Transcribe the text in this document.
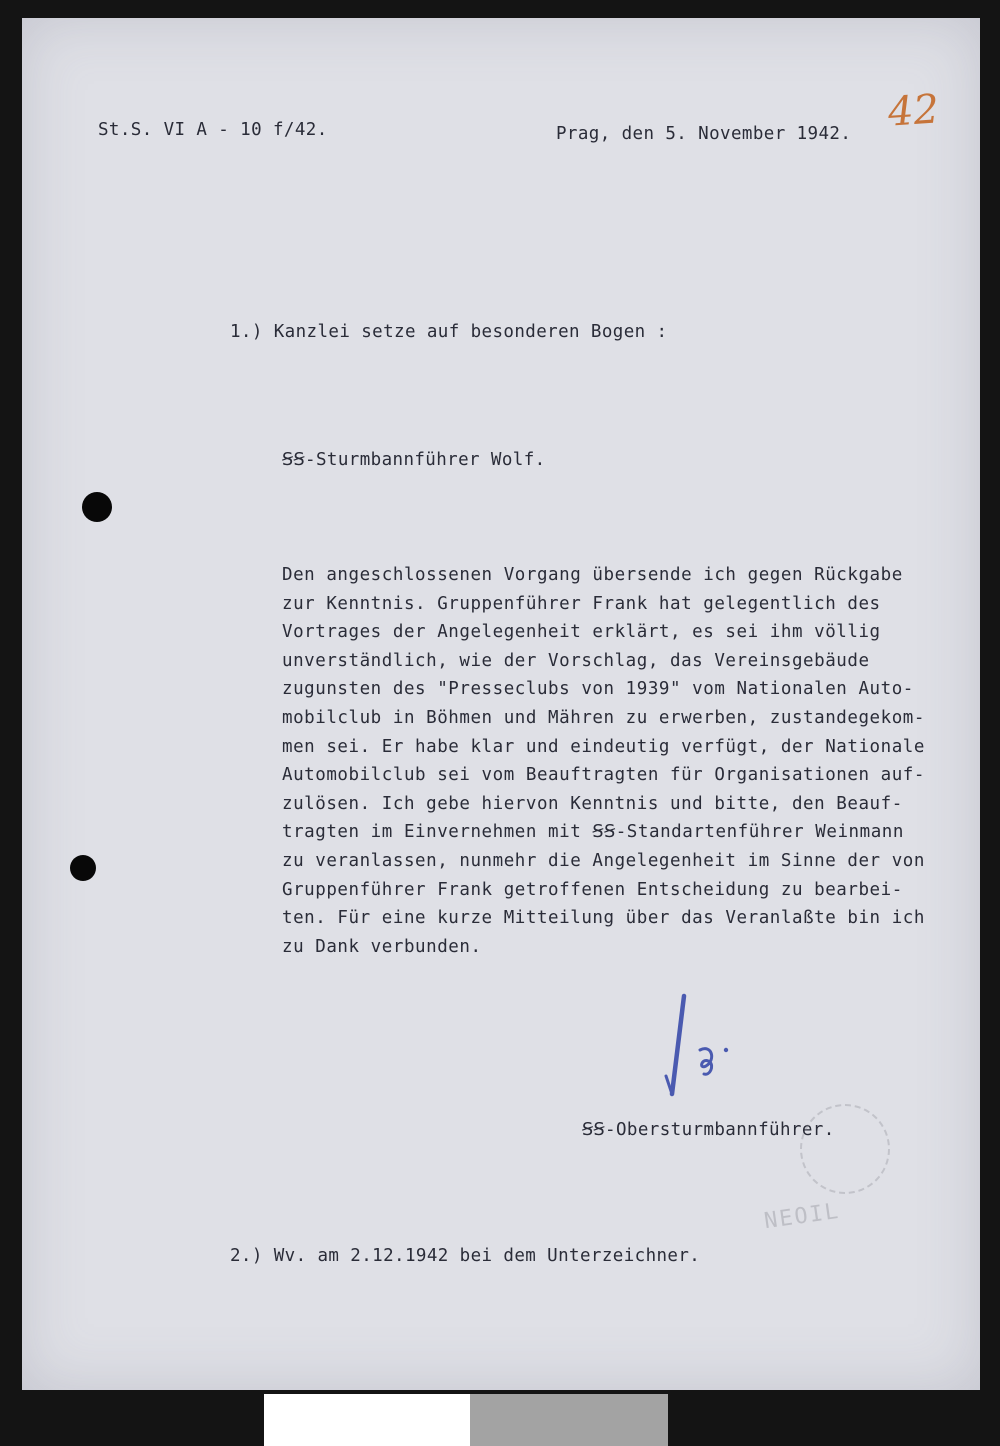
St.S. VI A - 10 f/42.	Prag, den 5. November 1942. 42
1.) Kanzlei setze auf besonderen Bogen :
ꞨꞨ-Sturmbannführer Wolf.
Den angeschlossenen Vorgang übersende ich gegen Rückgabe
zur Kenntnis. Gruppenführer Frank hat gelegentlich des
Vortrages der Angelegenheit erklärt, es sei ihm völlig
unverständlich, wie der Vorschlag, das Vereinsgebäude
zugunsten des "Presseclubs von 1939" vom Nationalen Auto-
mobilclub in Böhmen und Mähren zu erwerben, zustandegekom-
men sei. Er habe klar und eindeutig verfügt, der Nationale
Automobilclub sei vom Beauftragten für Organisationen auf-
zulösen. Ich gebe hiervon Kenntnis und bitte, den Beauf-
tragten im Einvernehmen mit ꞨꞨ-Standartenführer Weinmann
zu veranlassen, nunmehr die Angelegenheit im Sinne der von
Gruppenführer Frank getroffenen Entscheidung zu bearbei-
ten. Für eine kurze Mitteilung über das Veranlaßte bin ich
zu Dank verbunden.
ꞨꞨ-Obersturmbannführer.
NEOIL
2.) Wv. am 2.12.1942 bei dem Unterzeichner.
